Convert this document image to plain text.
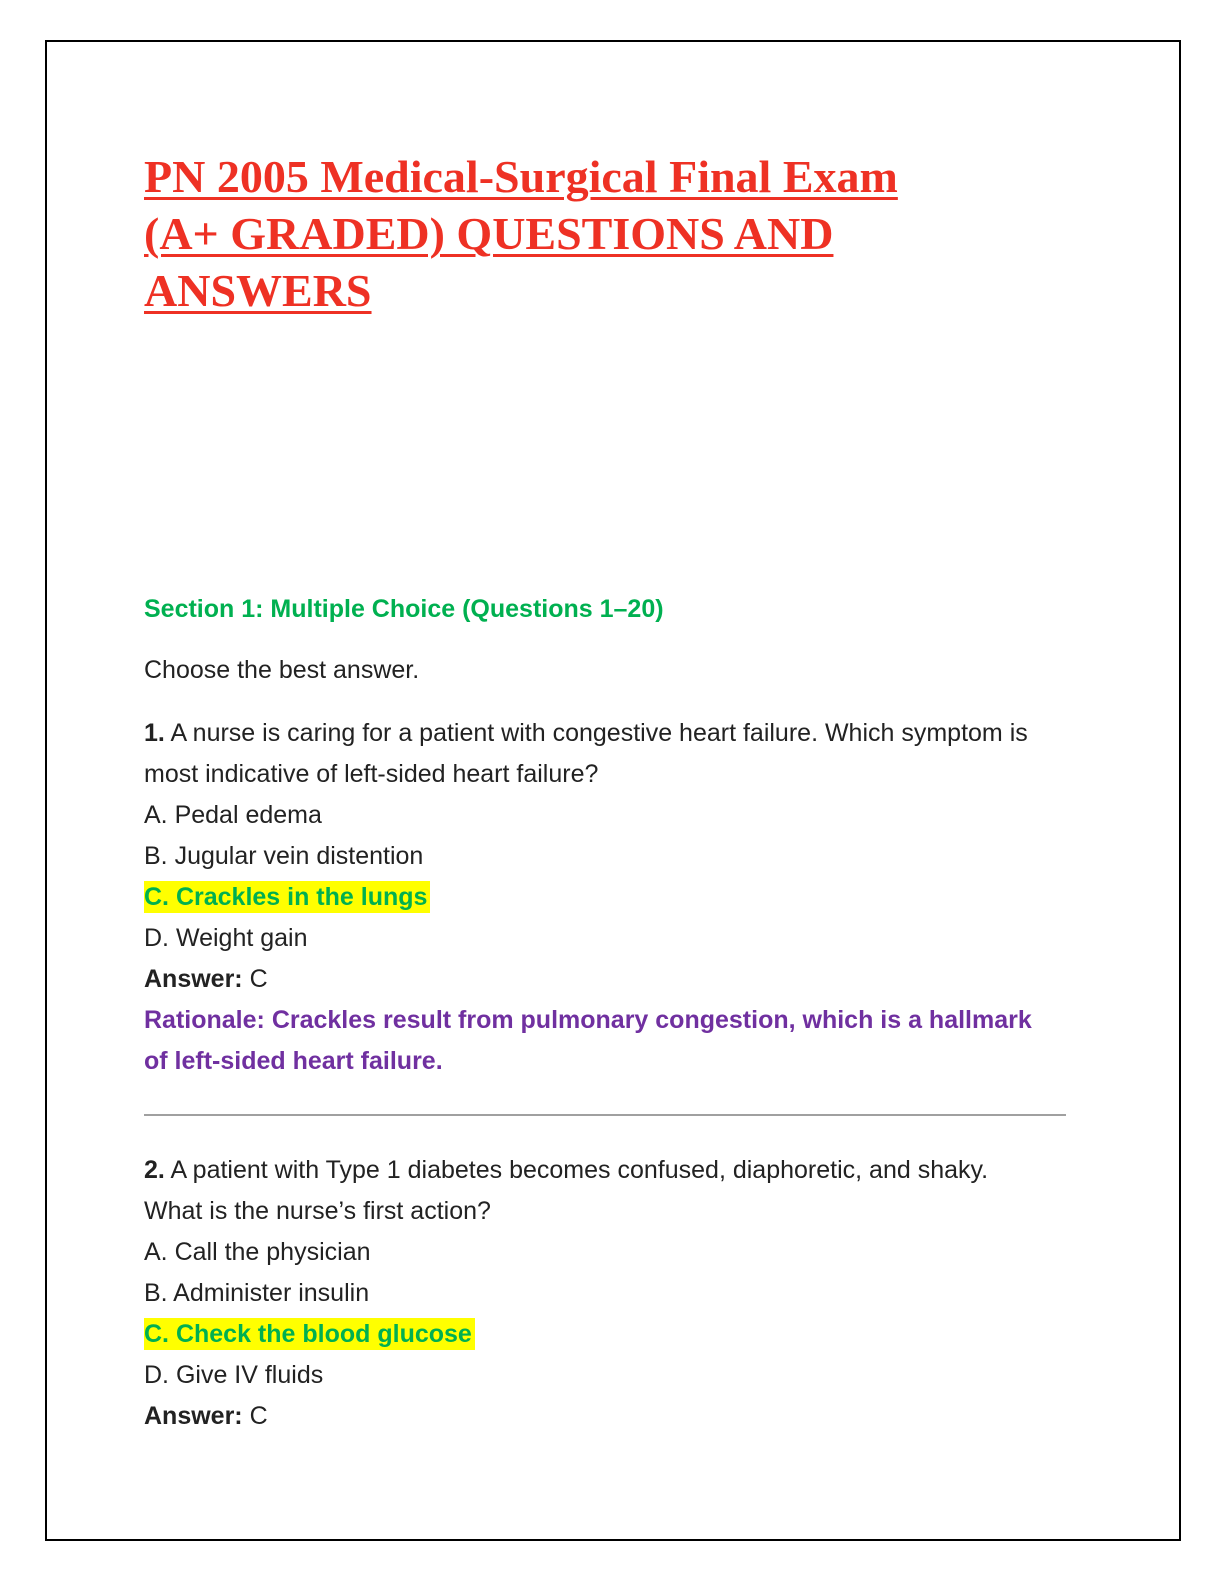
PN 2005 Medical-Surgical Final Exam
(A+ GRADED) QUESTIONS AND
ANSWERS
Section 1: Multiple Choice (Questions 1–20)

Choose the best answer.

1. A nurse is caring for a patient with congestive heart failure. Which symptom is most indicative of left-sided heart failure?

A. Pedal edema

B. Jugular vein distention

C. Crackles in the lungs

D. Weight gain

Answer: C

Rationale: Crackles result from pulmonary congestion, which is a hallmark of left-sided heart failure.

2. A patient with Type 1 diabetes becomes confused, diaphoretic, and shaky. What is the nurse’s first action?

A. Call the physician

B. Administer insulin

C. Check the blood glucose

D. Give IV fluids

Answer: C
